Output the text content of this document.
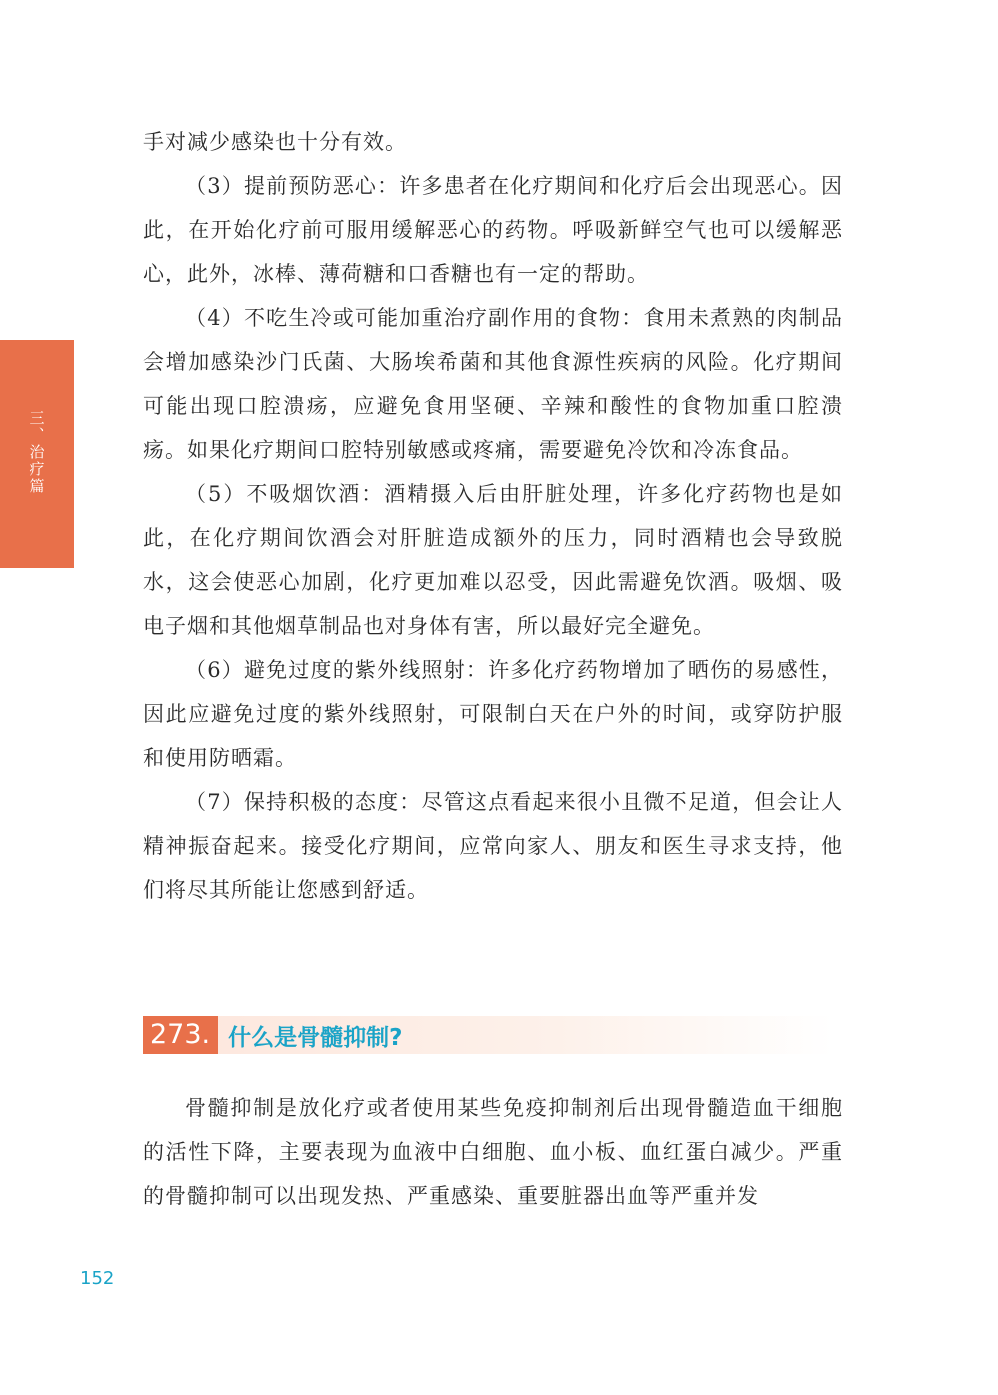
三、治疗篇

手对减少感染也十分有效。

（3）提前预防恶心：许多患者在化疗期间和化疗后会出现恶心。因此，在开始化疗前可服用缓解恶心的药物。呼吸新鲜空气也可以缓解恶心，此外，冰棒、薄荷糖和口香糖也有一定的帮助。

（4）不吃生冷或可能加重治疗副作用的食物：食用未煮熟的肉制品会增加感染沙门氏菌、大肠埃希菌和其他食源性疾病的风险。化疗期间可能出现口腔溃疡，应避免食用坚硬、辛辣和酸性的食物加重口腔溃疡。如果化疗期间口腔特别敏感或疼痛，需要避免冷饮和冷冻食品。

（5）不吸烟饮酒：酒精摄入后由肝脏处理，许多化疗药物也是如此，在化疗期间饮酒会对肝脏造成额外的压力，同时酒精也会导致脱水，这会使恶心加剧，化疗更加难以忍受，因此需避免饮酒。吸烟、吸电子烟和其他烟草制品也对身体有害，所以最好完全避免。

（6）避免过度的紫外线照射：许多化疗药物增加了晒伤的易感性，因此应避免过度的紫外线照射，可限制白天在户外的时间，或穿防护服和使用防晒霜。

（7）保持积极的态度：尽管这点看起来很小且微不足道，但会让人精神振奋起来。接受化疗期间，应常向家人、朋友和医生寻求支持，他们将尽其所能让您感到舒适。

273. 什么是骨髓抑制?

骨髓抑制是放化疗或者使用某些免疫抑制剂后出现骨髓造血干细胞的活性下降，主要表现为血液中白细胞、血小板、血红蛋白减少。严重的骨髓抑制可以出现发热、严重感染、重要脏器出血等严重并发

152
